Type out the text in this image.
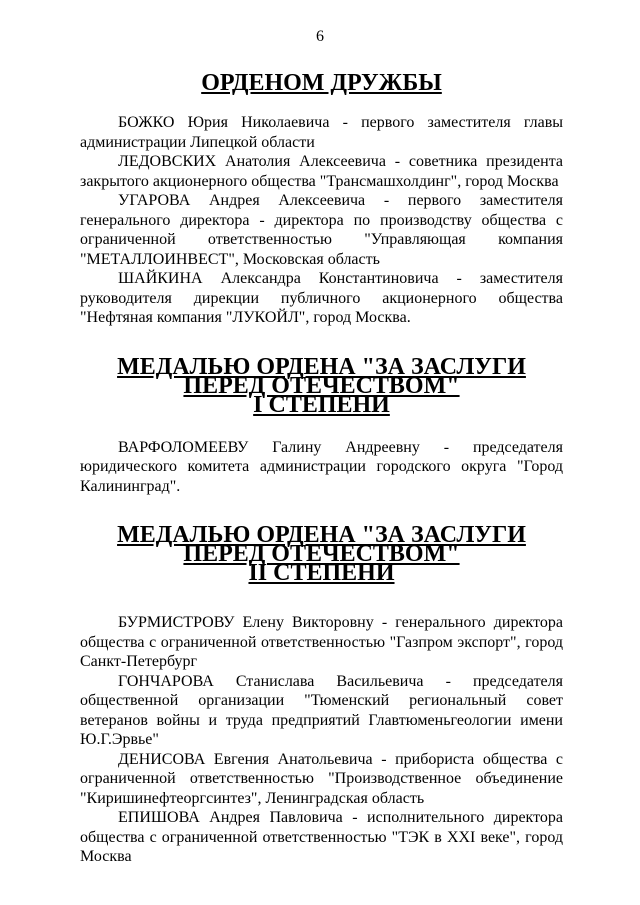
6
ОРДЕНОМ ДРУЖБЫ

БОЖКО Юрия Николаевича - первого заместителя главы администрации Липецкой области

ЛЕДОВСКИХ Анатолия Алексеевича - советника президента закрытого акционерного общества "Трансмашхолдинг", город Москва

УГАРОВА Андрея Алексеевича - первого заместителя генерального директора - директора по производству общества с ограниченной ответственностью "Управляющая компания "МЕТАЛЛОИНВЕСТ", Московская область

ШАЙКИНА Александра Константиновича - заместителя руководителя дирекции публичного акционерного общества "Нефтяная компания "ЛУКОЙЛ", город Москва.

МЕДАЛЬЮ ОРДЕНА "ЗА ЗАСЛУГИ ПЕРЕД ОТЕЧЕСТВОМ"
I СТЕПЕНИ

ВАРФОЛОМЕЕВУ Галину Андреевну - председателя юридического комитета администрации городского округа "Город Калининград".

МЕДАЛЬЮ ОРДЕНА "ЗА ЗАСЛУГИ ПЕРЕД ОТЕЧЕСТВОМ"
II СТЕПЕНИ

БУРМИСТРОВУ Елену Викторовну - генерального директора общества с ограниченной ответственностью "Газпром экспорт", город Санкт-Петербург

ГОНЧАРОВА Станислава Васильевича - председателя общественной организации "Тюменский региональный совет ветеранов войны и труда предприятий Главтюменьгеологии имени Ю.Г.Эрвье"

ДЕНИСОВА Евгения Анатольевича - прибориста общества с ограниченной ответственностью "Производственное объединение "Киришинефтеоргсинтез", Ленинградская область

ЕПИШОВА Андрея Павловича - исполнительного директора общества с ограниченной ответственностью "ТЭК в XXI веке", город Москва
